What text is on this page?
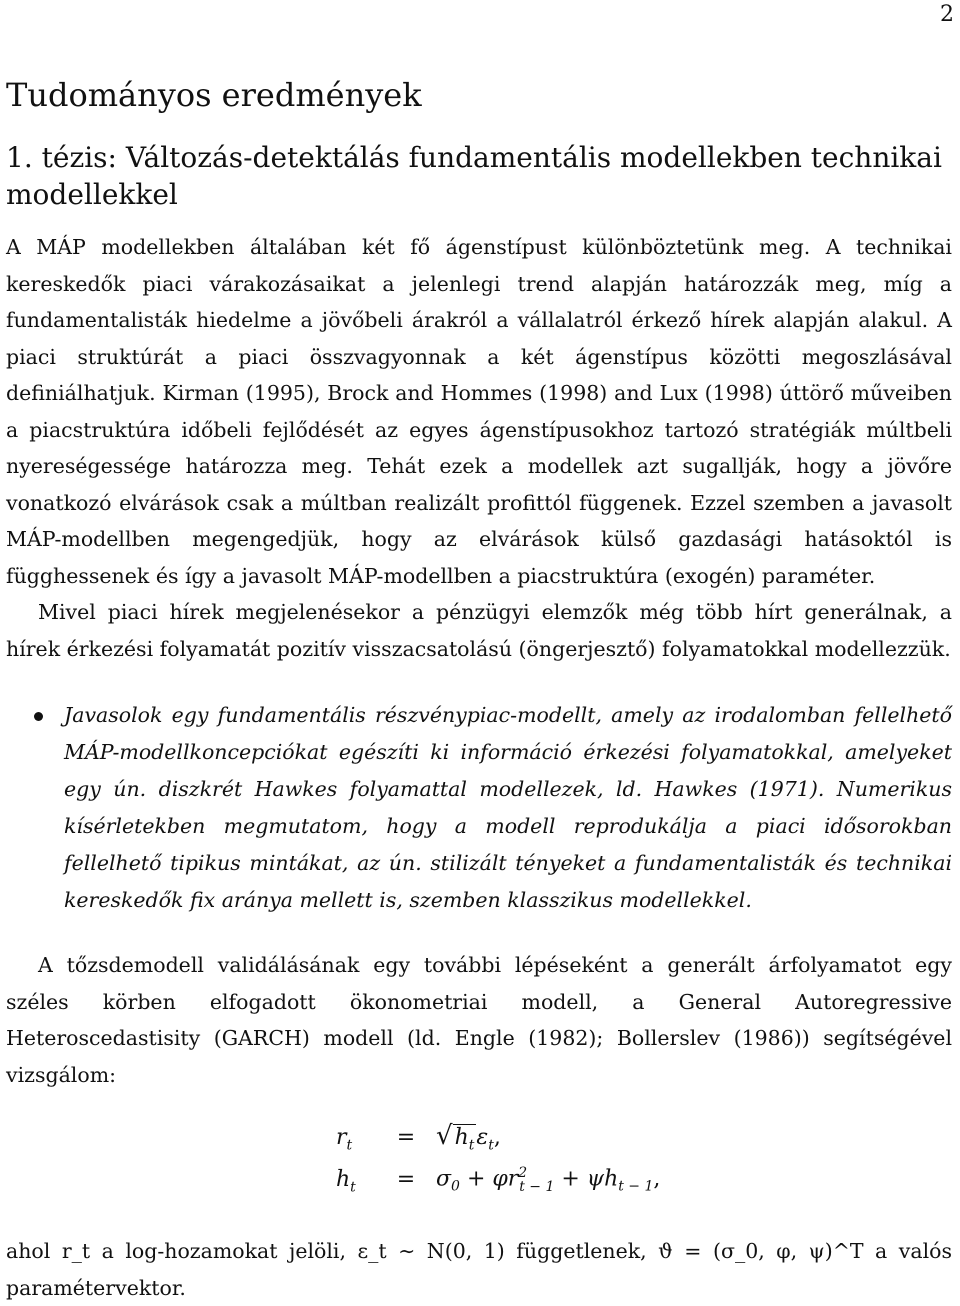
2
Tudományos eredmények
1. tézis: Változás-detektálás fundamentális modellekben technikai modellekkel

A MÁP modellekben általában két fő ágenstípust különböztetünk meg. A technikai kereskedők piaci várakozásaikat a jelenlegi trend alapján határozzák meg, míg a fundamentalisták hiedelme a jövőbeli árakról a vállalatról érkező hírek alapján alakul. A piaci struktúrát a piaci összvagyonnak a két ágenstípus közötti megoszlásával definiálhatjuk. Kirman (1995), Brock and Hommes (1998) and Lux (1998) úttörő műveiben a piacstruktúra időbeli fejlődését az egyes ágenstípusokhoz tartozó stratégiák múltbeli nyereségessége határozza meg. Tehát ezek a modellek azt sugallják, hogy a jövőre vonatkozó elvárások csak a múltban realizált profittól függenek. Ezzel szemben a javasolt MÁP-modellben megengedjük, hogy az elvárások külső gazdasági hatásoktól is függhessenek és így a javasolt MÁP-modellben a piacstruktúra (exogén) paraméter.

Mivel piaci hírek megjelenésekor a pénzügyi elemzők még több hírt generálnak, a hírek érkezési folyamatát pozitív visszacsatolású (öngerjesztő) folyamatokkal modellezzük.

Javasolok egy fundamentális részvénypiac-modellt, amely az irodalomban fellelhető MÁP-modellkoncepciókat egészíti ki információ érkezési folyamatokkal, amelyeket egy ún. diszkrét Hawkes folyamattal modellezek, ld. Hawkes (1971). Numerikus kísérletekben megmutatom, hogy a modell reprodukálja a piaci idősorokban fellelhető tipikus mintákat, az ún. stilizált tényeket a fundamentalisták és technikai kereskedők fix aránya mellett is, szemben klasszikus modellekkel.

A tőzsdemodell validálásának egy további lépéseként a generált árfolyamatot egy széles körben elfogadott ökonometriai modell, a General Autoregressive Heteroscedastisity (GARCH) modell (ld. Engle (1982); Bollerslev (1986)) segítségével vizsgálom:

$r_t$	= $√h_t\varepsilon_t$,
$h_t$	= $\sigma_0 + \varphi r^2_{t - 1} + \psi h_{t - 1}$,

ahol r_t a log-hozamokat jelöli, ε_t ∼ N(0, 1) függetlenek, ϑ = (σ_0, φ, ψ)^T a valós paramétervektor.
